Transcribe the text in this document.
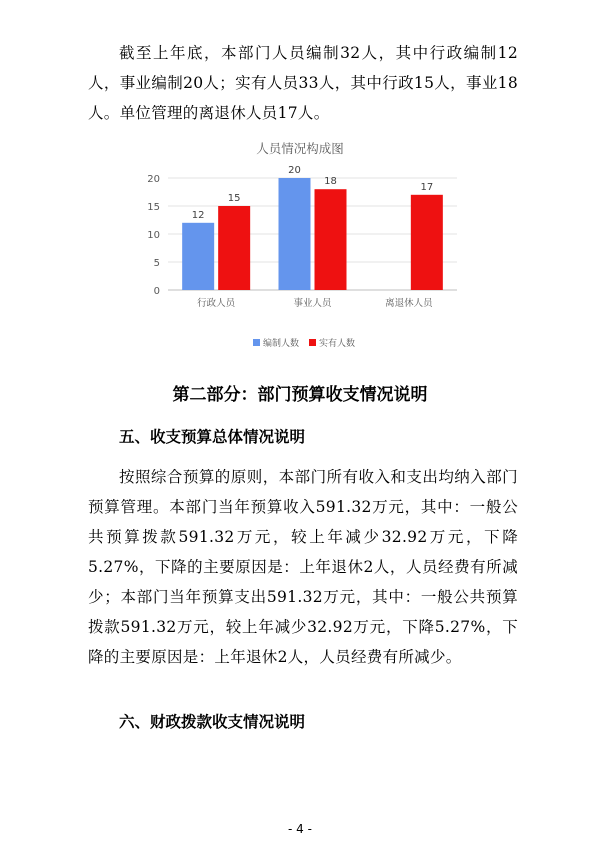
截至上年底，本部门人员编制32人，其中行政编制12人，事业编制20人；实有人员33人，其中行政15人，事业18人。单位管理的离退休人员17人。

人员情况构成图
0
5
10
15
20
行政人员
12
15
事业人员
20
18
离退休人员
17
编制人数 实有人数
第二部分：部门预算收支情况说明
五、收支预算总体情况说明

按照综合预算的原则，本部门所有收入和支出均纳入部门预算管理。本部门当年预算收入591.32万元，其中：一般公共预算拨款591.32万元，较上年减少32.92万元，下降5.27%，下降的主要原因是：上年退休2人，人员经费有所减少；本部门当年预算支出591.32万元，其中：一般公共预算拨款591.32万元，较上年减少32.92万元，下降5.27%，下降的主要原因是：上年退休2人，人员经费有所减少。

六、财政拨款收支情况说明
- 4 -
